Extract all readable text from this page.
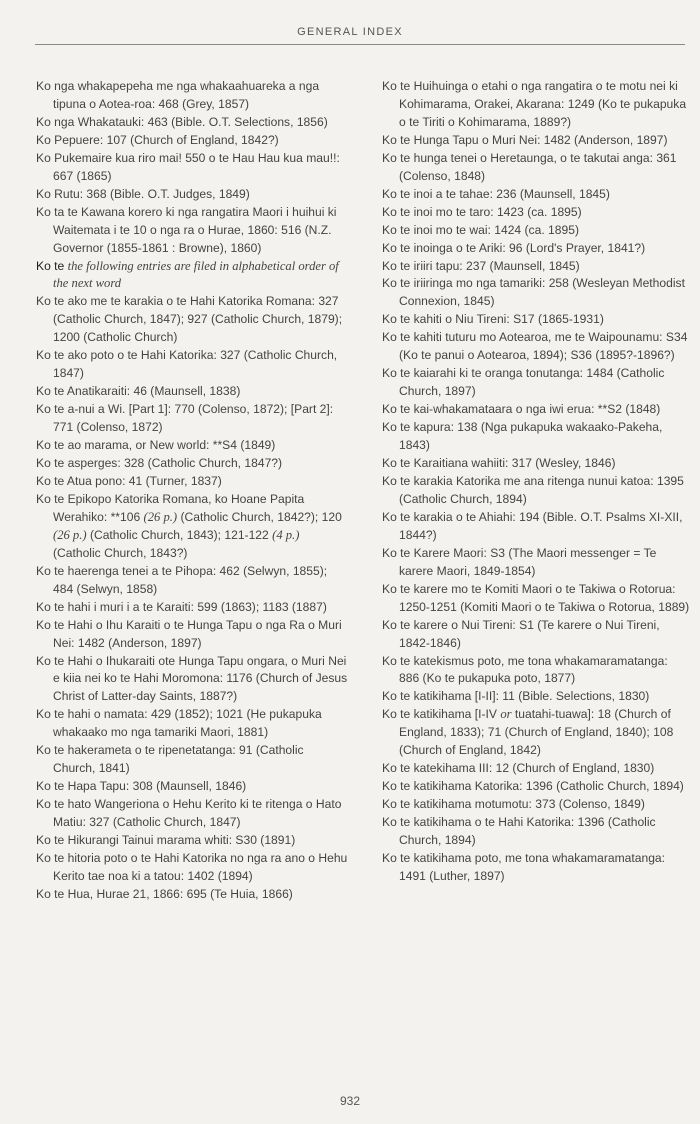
GENERAL INDEX

Ko nga whakapepeha me nga whakaahuareka a nga tipuna o Aotea-roa: 468 (Grey, 1857)

Ko nga Whakatauki: 463 (Bible. O.T. Selections, 1856)

Ko Pepuere: 107 (Church of England, 1842?)

Ko Pukemaire kua riro mai! 550 o te Hau Hau kua mau!!: 667 (1865)

Ko Rutu: 368 (Bible. O.T. Judges, 1849)

Ko ta te Kawana korero ki nga rangatira Maori i huihui ki Waitemata i te 10 o nga ra o Hurae, 1860: 516 (N.Z. Governor (1855-1861 : Browne), 1860)

Ko te the following entries are filed in alphabetical order of the next word

Ko te ako me te karakia o te Hahi Katorika Romana: 327 (Catholic Church, 1847); 927 (Catholic Church, 1879); 1200 (Catholic Church)

Ko te ako poto o te Hahi Katorika: 327 (Catholic Church, 1847)

Ko te Anatikaraiti: 46 (Maunsell, 1838)

Ko te a-nui a Wi. [Part 1]: 770 (Colenso, 1872); [Part 2]: 771 (Colenso, 1872)

Ko te ao marama, or New world: **S4 (1849)

Ko te asperges: 328 (Catholic Church, 1847?)

Ko te Atua pono: 41 (Turner, 1837)

Ko te Epikopo Katorika Romana, ko Hoane Papita Werahiko: **106 (26 p.) (Catholic Church, 1842?); 120 (26 p.) (Catholic Church, 1843); 121-122 (4 p.) (Catholic Church, 1843?)

Ko te haerenga tenei a te Pihopa: 462 (Selwyn, 1855); 484 (Selwyn, 1858)

Ko te hahi i muri i a te Karaiti: 599 (1863); 1183 (1887)

Ko te Hahi o Ihu Karaiti o te Hunga Tapu o nga Ra o Muri Nei: 1482 (Anderson, 1897)

Ko te Hahi o Ihukaraiti ote Hunga Tapu ongara, o Muri Nei e kiia nei ko te Hahi Moromona: 1176 (Church of Jesus Christ of Latter-day Saints, 1887?)

Ko te hahi o namata: 429 (1852); 1021 (He pukapuka whakaako mo nga tamariki Maori, 1881)

Ko te hakerameta o te ripenetatanga: 91 (Catholic Church, 1841)

Ko te Hapa Tapu: 308 (Maunsell, 1846)

Ko te hato Wangeriona o Hehu Kerito ki te ritenga o Hato Matiu: 327 (Catholic Church, 1847)

Ko te Hikurangi Tainui marama whiti: S30 (1891)

Ko te hitoria poto o te Hahi Katorika no nga ra ano o Hehu Kerito tae noa ki a tatou: 1402 (1894)

Ko te Hua, Hurae 21, 1866: 695 (Te Huia, 1866)

Ko te Huihuinga o etahi o nga rangatira o te motu nei ki Kohimarama, Orakei, Akarana: 1249 (Ko te pukapuka o te Tiriti o Kohimarama, 1889?)

Ko te Hunga Tapu o Muri Nei: 1482 (Anderson, 1897)

Ko te hunga tenei o Heretaunga, o te takutai anga: 361 (Colenso, 1848)

Ko te inoi a te tahae: 236 (Maunsell, 1845)

Ko te inoi mo te taro: 1423 (ca. 1895)

Ko te inoi mo te wai: 1424 (ca. 1895)

Ko te inoinga o te Ariki: 96 (Lord's Prayer, 1841?)

Ko te iriiri tapu: 237 (Maunsell, 1845)

Ko te iriiringa mo nga tamariki: 258 (Wesleyan Methodist Connexion, 1845)

Ko te kahiti o Niu Tireni: S17 (1865-1931)

Ko te kahiti tuturu mo Aotearoa, me te Waipounamu: S34 (Ko te panui o Aotearoa, 1894); S36 (1895?-1896?)

Ko te kaiarahi ki te oranga tonutanga: 1484 (Catholic Church, 1897)

Ko te kai-whakamataara o nga iwi erua: **S2 (1848)

Ko te kapura: 138 (Nga pukapuka wakaako-Pakeha, 1843)

Ko te Karaitiana wahiiti: 317 (Wesley, 1846)

Ko te karakia Katorika me ana ritenga nunui katoa: 1395 (Catholic Church, 1894)

Ko te karakia o te Ahiahi: 194 (Bible. O.T. Psalms XI-XII, 1844?)

Ko te Karere Maori: S3 (The Maori messenger = Te karere Maori, 1849-1854)

Ko te karere mo te Komiti Maori o te Takiwa o Rotorua: 1250-1251 (Komiti Maori o te Takiwa o Rotorua, 1889)

Ko te karere o Nui Tireni: S1 (Te karere o Nui Tireni, 1842-1846)

Ko te katekismus poto, me tona whakamaramatanga: 886 (Ko te pukapuka poto, 1877)

Ko te katikihama [I-II]: 11 (Bible. Selections, 1830)

Ko te katikihama [I-IV or tuatahi-tuawa]: 18 (Church of England, 1833); 71 (Church of England, 1840); 108 (Church of England, 1842)

Ko te katekihama III: 12 (Church of England, 1830)

Ko te katikihama Katorika: 1396 (Catholic Church, 1894)

Ko te katikihama motumotu: 373 (Colenso, 1849)

Ko te katikihama o te Hahi Katorika: 1396 (Catholic Church, 1894)

Ko te katikihama poto, me tona whakamaramatanga: 1491 (Luther, 1897)

932
